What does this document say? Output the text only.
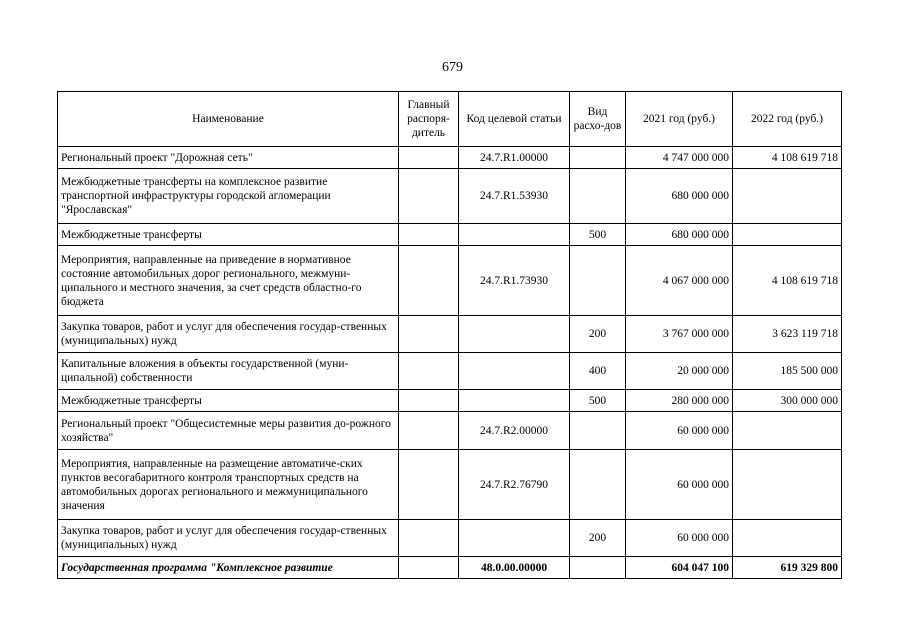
679
Наименование	Главный распоря-дитель	Код целевой статьи	Вид расхо-дов	2021 год (руб.)	2022 год (руб.)
Региональный проект "Дорожная сеть"		24.7.R1.00000		4 747 000 000	4 108 619 718
Межбюджетные трансферты на комплексное развитие транспортной инфраструктуры городской агломерации "Ярославская"		24.7.R1.53930		680 000 000	
Межбюджетные трансферты			500	680 000 000	
Мероприятия, направленные на приведение в нормативное состояние автомобильных дорог регионального, межмуни-ципального и местного значения, за счет средств областно-го бюджета		24.7.R1.73930		4 067 000 000	4 108 619 718
Закупка товаров, работ и услуг для обеспечения государ-ственных (муниципальных) нужд			200	3 767 000 000	3 623 119 718
Капитальные вложения в объекты государственной (муни-ципальной) собственности			400	20 000 000	185 500 000
Межбюджетные трансферты			500	280 000 000	300 000 000
Региональный проект "Общесистемные меры развития до-рожного хозяйства"		24.7.R2.00000		60 000 000	
Мероприятия, направленные на размещение автоматиче-ских пунктов весогабаритного контроля транспортных средств на автомобильных дорогах регионального и межмуниципального значения		24.7.R2.76790		60 000 000	
Закупка товаров, работ и услуг для обеспечения государ-ственных (муниципальных) нужд			200	60 000 000	
Государственная программа "Комплексное развитие		48.0.00.00000		604 047 100	619 329 800
